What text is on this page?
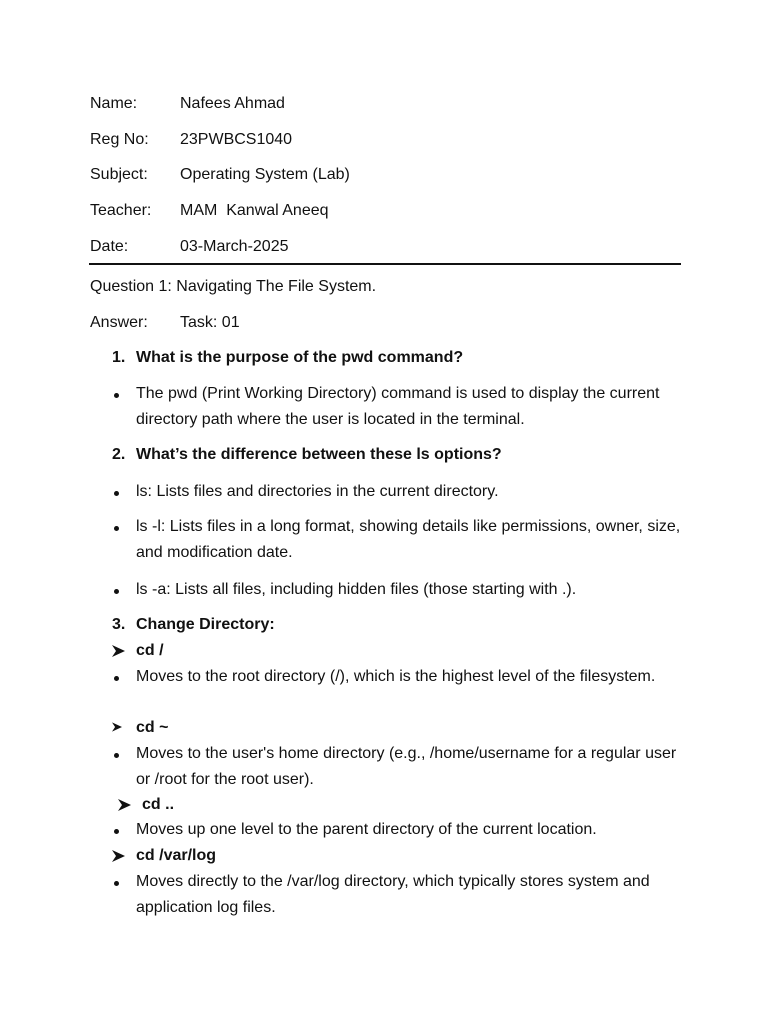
Name:	Nafees Ahmad
Reg No: 23PWBCS1040
Subject: Operating System (Lab)
Teacher: MAM  Kanwal Aneeq
Date:	03-March-2025
Question 1: Navigating The File System.
Answer: Task: 01
1. What is the purpose of the pwd command?
The pwd (Print Working Directory) command is used to display the current directory path where the user is located in the terminal.
2. What’s the difference between these ls options?
ls: Lists files and directories in the current directory.
ls -l: Lists files in a long format, showing details like permissions, owner, size, and modification date.
ls -a: Lists all files, including hidden files (those starting with .).
3. Change Directory:
cd /
Moves to the root directory (/), which is the highest level of the filesystem.
cd ~
Moves to the user's home directory (e.g., /home/username for a regular user or /root for the root user).
cd ..
Moves up one level to the parent directory of the current location.
cd /var/log
Moves directly to the /var/log directory, which typically stores system and application log files.
